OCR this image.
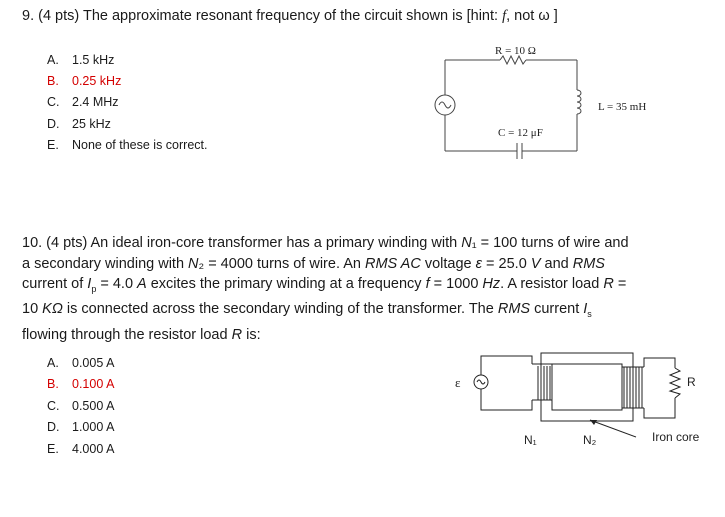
9. (4 pts) The approximate resonant frequency of the circuit shown is [hint: f, not ω ]
A. 1.5 kHz
B. 0.25 kHz
C. 2.4 MHz
D. 25 kHz
E. None of these is correct.
R = 10 Ω
L = 35 mH
C = 12 μF
10. (4 pts) An ideal iron-core transformer has a primary winding with N₁ = 100 turns of wire and
a secondary winding with N₂ = 4000 turns of wire. An RMS AC voltage ε = 25.0 V and RMS
current of $I_p = 4.0$ A excites the primary winding at a frequency f = 1000 Hz. A resistor load R =
10 KΩ is connected across the secondary winding of the transformer. The RMS current $I_s$
flowing through the resistor load R is:
A. 0.005 A
B. 0.100 A
C. 0.500 A
D. 1.000 A
E. 4.000 A
ε	R
N₁	N₂	Iron core
